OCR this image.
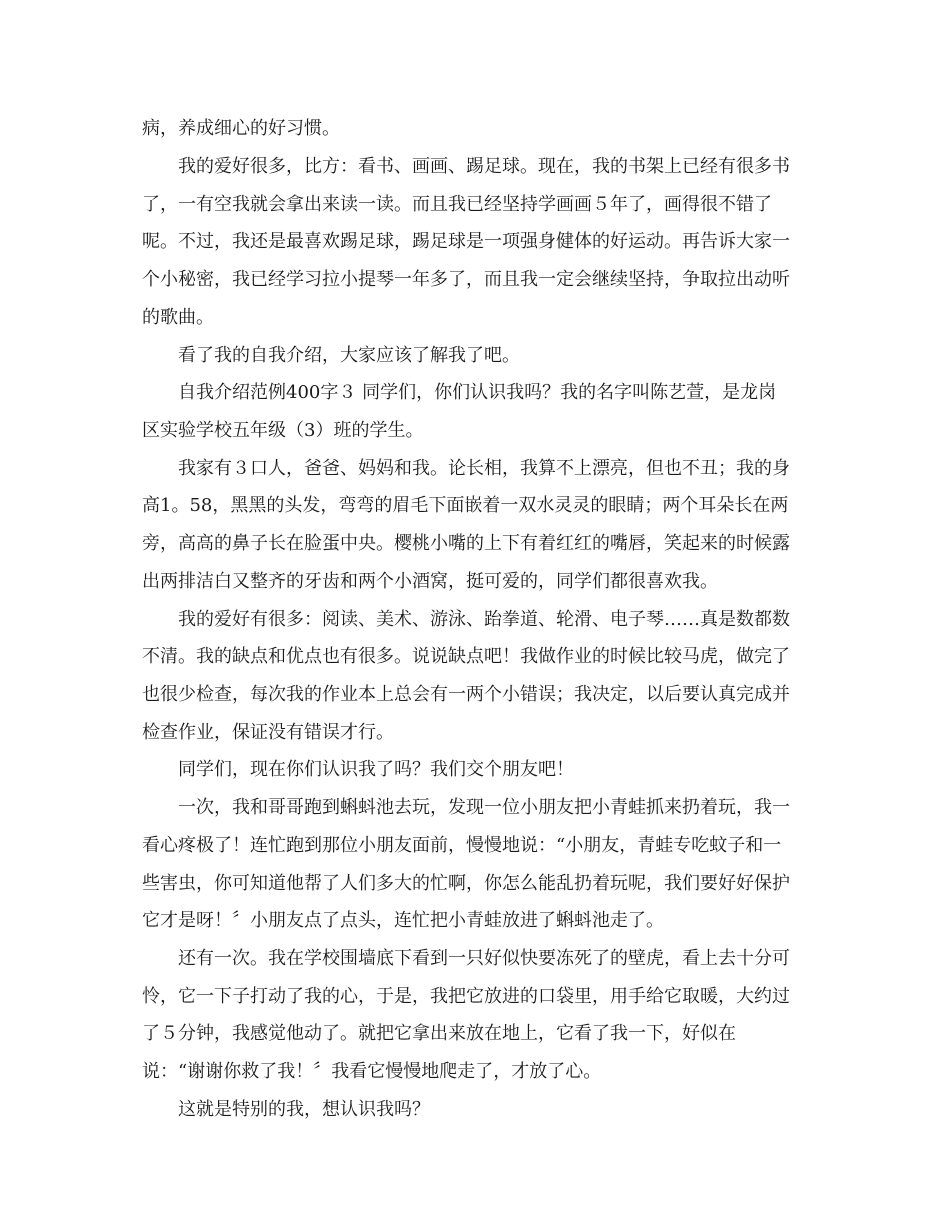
病，养成细心的好习惯。
我的爱好很多，比方：看书、画画、踢足球。现在，我的书架上已经有很多书
了，一有空我就会拿出来读一读。而且我已经坚持学画画５年了，画得很不错了
呢。不过，我还是最喜欢踢足球，踢足球是一项强身健体的好运动。再告诉大家一
个小秘密，我已经学习拉小提琴一年多了，而且我一定会继续坚持，争取拉出动听
的歌曲。
看了我的自我介绍，大家应该了解我了吧。
自我介绍范例400字３ 同学们，你们认识我吗？我的名字叫陈艺萱，是龙岗
区实验学校五年级（3）班的学生。
我家有３口人，爸爸、妈妈和我。论长相，我算不上漂亮，但也不丑；我的身
高1。58，黑黑的头发，弯弯的眉毛下面嵌着一双水灵灵的眼睛；两个耳朵长在两
旁，高高的鼻子长在脸蛋中央。樱桃小嘴的上下有着红红的嘴唇，笑起来的时候露
出两排洁白又整齐的牙齿和两个小酒窝，挺可爱的，同学们都很喜欢我。
我的爱好有很多：阅读、美术、游泳、跆拳道、轮滑、电子琴……真是数都数
不清。我的缺点和优点也有很多。说说缺点吧！我做作业的时候比较马虎，做完了
也很少检查，每次我的作业本上总会有一两个小错误；我决定，以后要认真完成并
检查作业，保证没有错误才行。
同学们，现在你们认识我了吗？我们交个朋友吧！
一次，我和哥哥跑到蝌蚪池去玩，发现一位小朋友把小青蛙抓来扔着玩，我一
看心疼极了！连忙跑到那位小朋友面前，慢慢地说：“小朋友，青蛙专吃蚊子和一
些害虫，你可知道他帮了人们多大的忙啊，你怎么能乱扔着玩呢，我们要好好保护
它才是呀！〞小朋友点了点头，连忙把小青蛙放进了蝌蚪池走了。
还有一次。我在学校围墙底下看到一只好似快要冻死了的壁虎，看上去十分可
怜，它一下子打动了我的心，于是，我把它放进的口袋里，用手给它取暖，大约过
了５分钟，我感觉他动了。就把它拿出来放在地上，它看了我一下，好似在
说：“谢谢你救了我！〞我看它慢慢地爬走了，才放了心。
这就是特别的我，想认识我吗？
